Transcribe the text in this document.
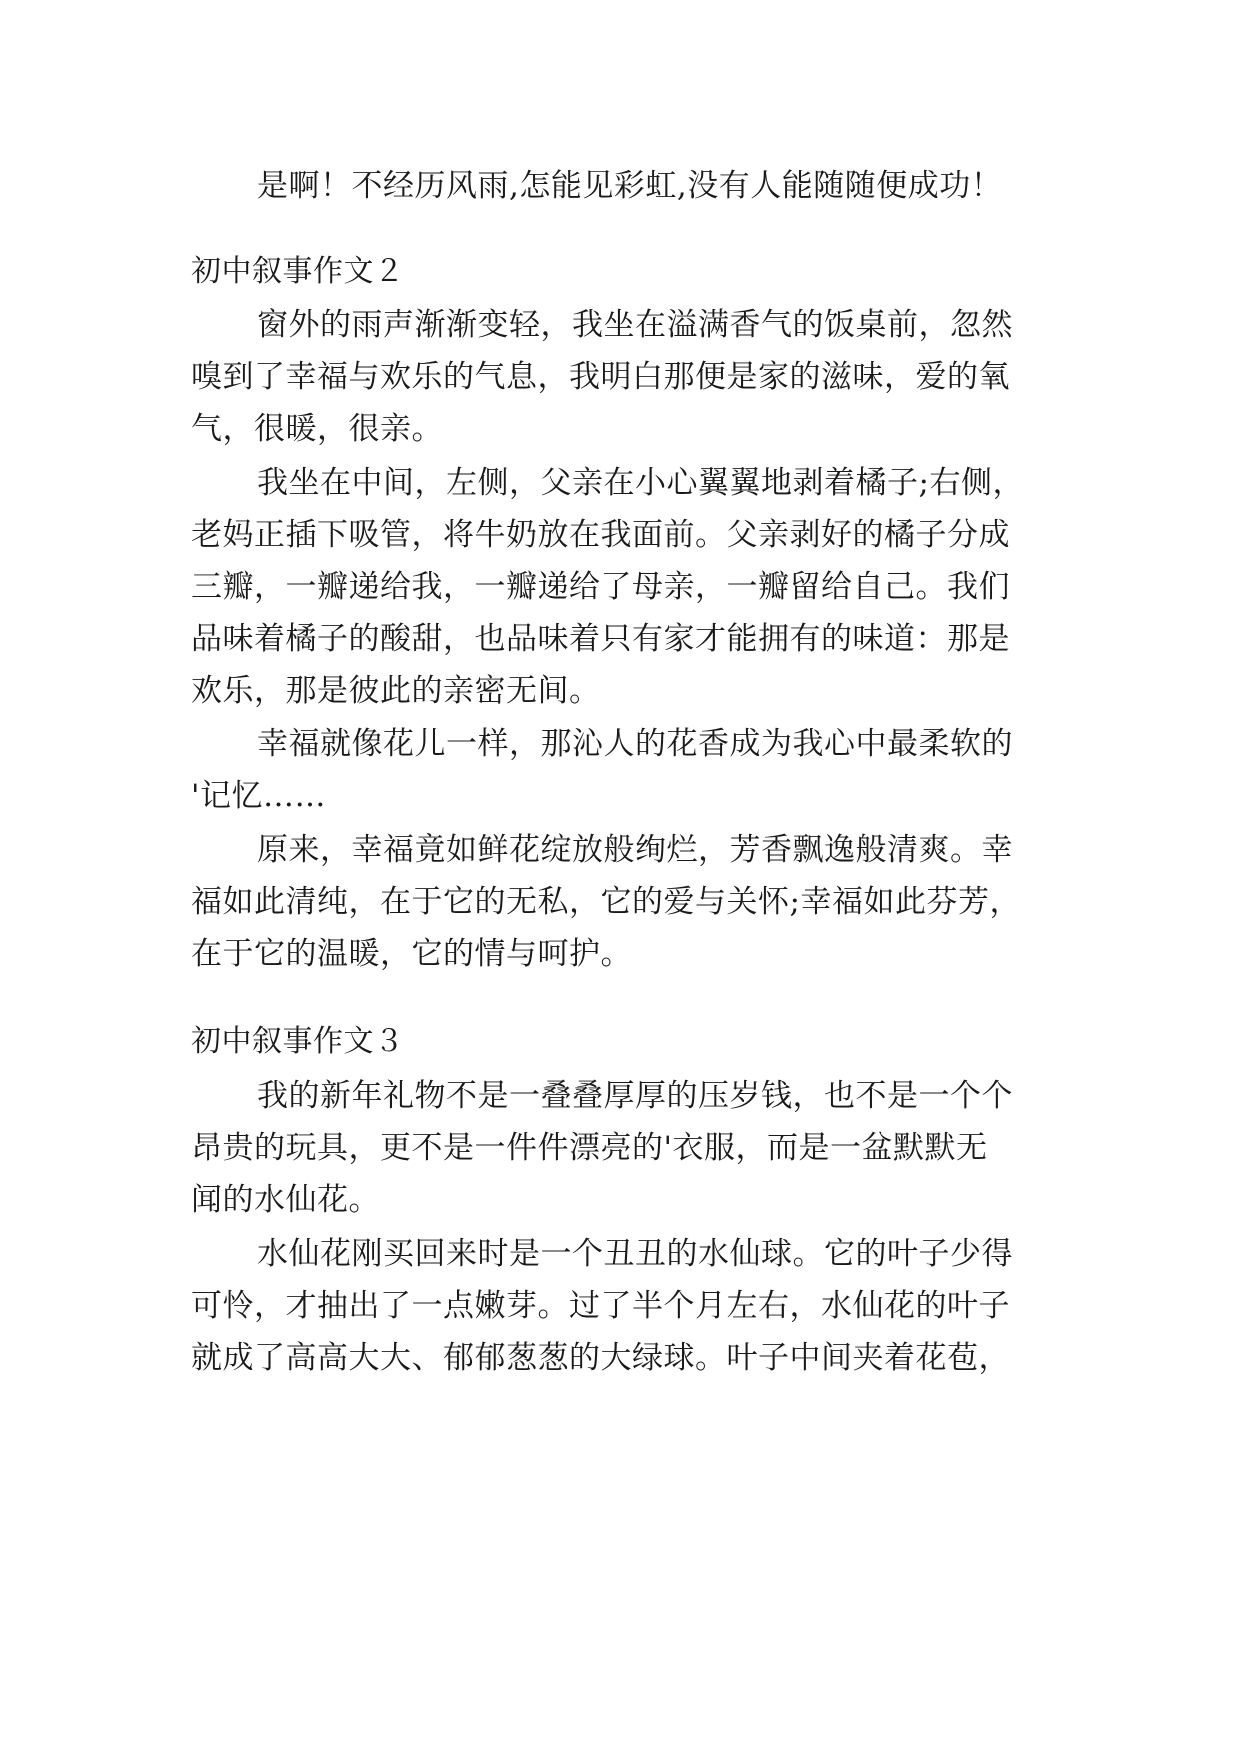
是啊！不经历风雨,怎能见彩虹,没有人能随随便成功！
初中叙事作文２
窗外的雨声渐渐变轻，我坐在溢满香气的饭桌前，忽然
嗅到了幸福与欢乐的气息，我明白那便是家的滋味，爱的氧
气，很暖，很亲。
我坐在中间，左侧，父亲在小心翼翼地剥着橘子;右侧，
老妈正插下吸管，将牛奶放在我面前。父亲剥好的橘子分成
三瓣，一瓣递给我，一瓣递给了母亲，一瓣留给自己。我们
品味着橘子的酸甜，也品味着只有家才能拥有的味道：那是
欢乐，那是彼此的亲密无间。
幸福就像花儿一样，那沁人的花香成为我心中最柔软的
'记忆……
原来，幸福竟如鲜花绽放般绚烂，芳香飘逸般清爽。幸
福如此清纯，在于它的无私，它的爱与关怀;幸福如此芬芳，
在于它的温暖，它的情与呵护。
初中叙事作文３
我的新年礼物不是一叠叠厚厚的压岁钱，也不是一个个
昂贵的玩具，更不是一件件漂亮的'衣服，而是一盆默默无
闻的水仙花。
水仙花刚买回来时是一个丑丑的水仙球。它的叶子少得
可怜，才抽出了一点嫩芽。过了半个月左右，水仙花的叶子
就成了高高大大、郁郁葱葱的大绿球。叶子中间夹着花苞，
